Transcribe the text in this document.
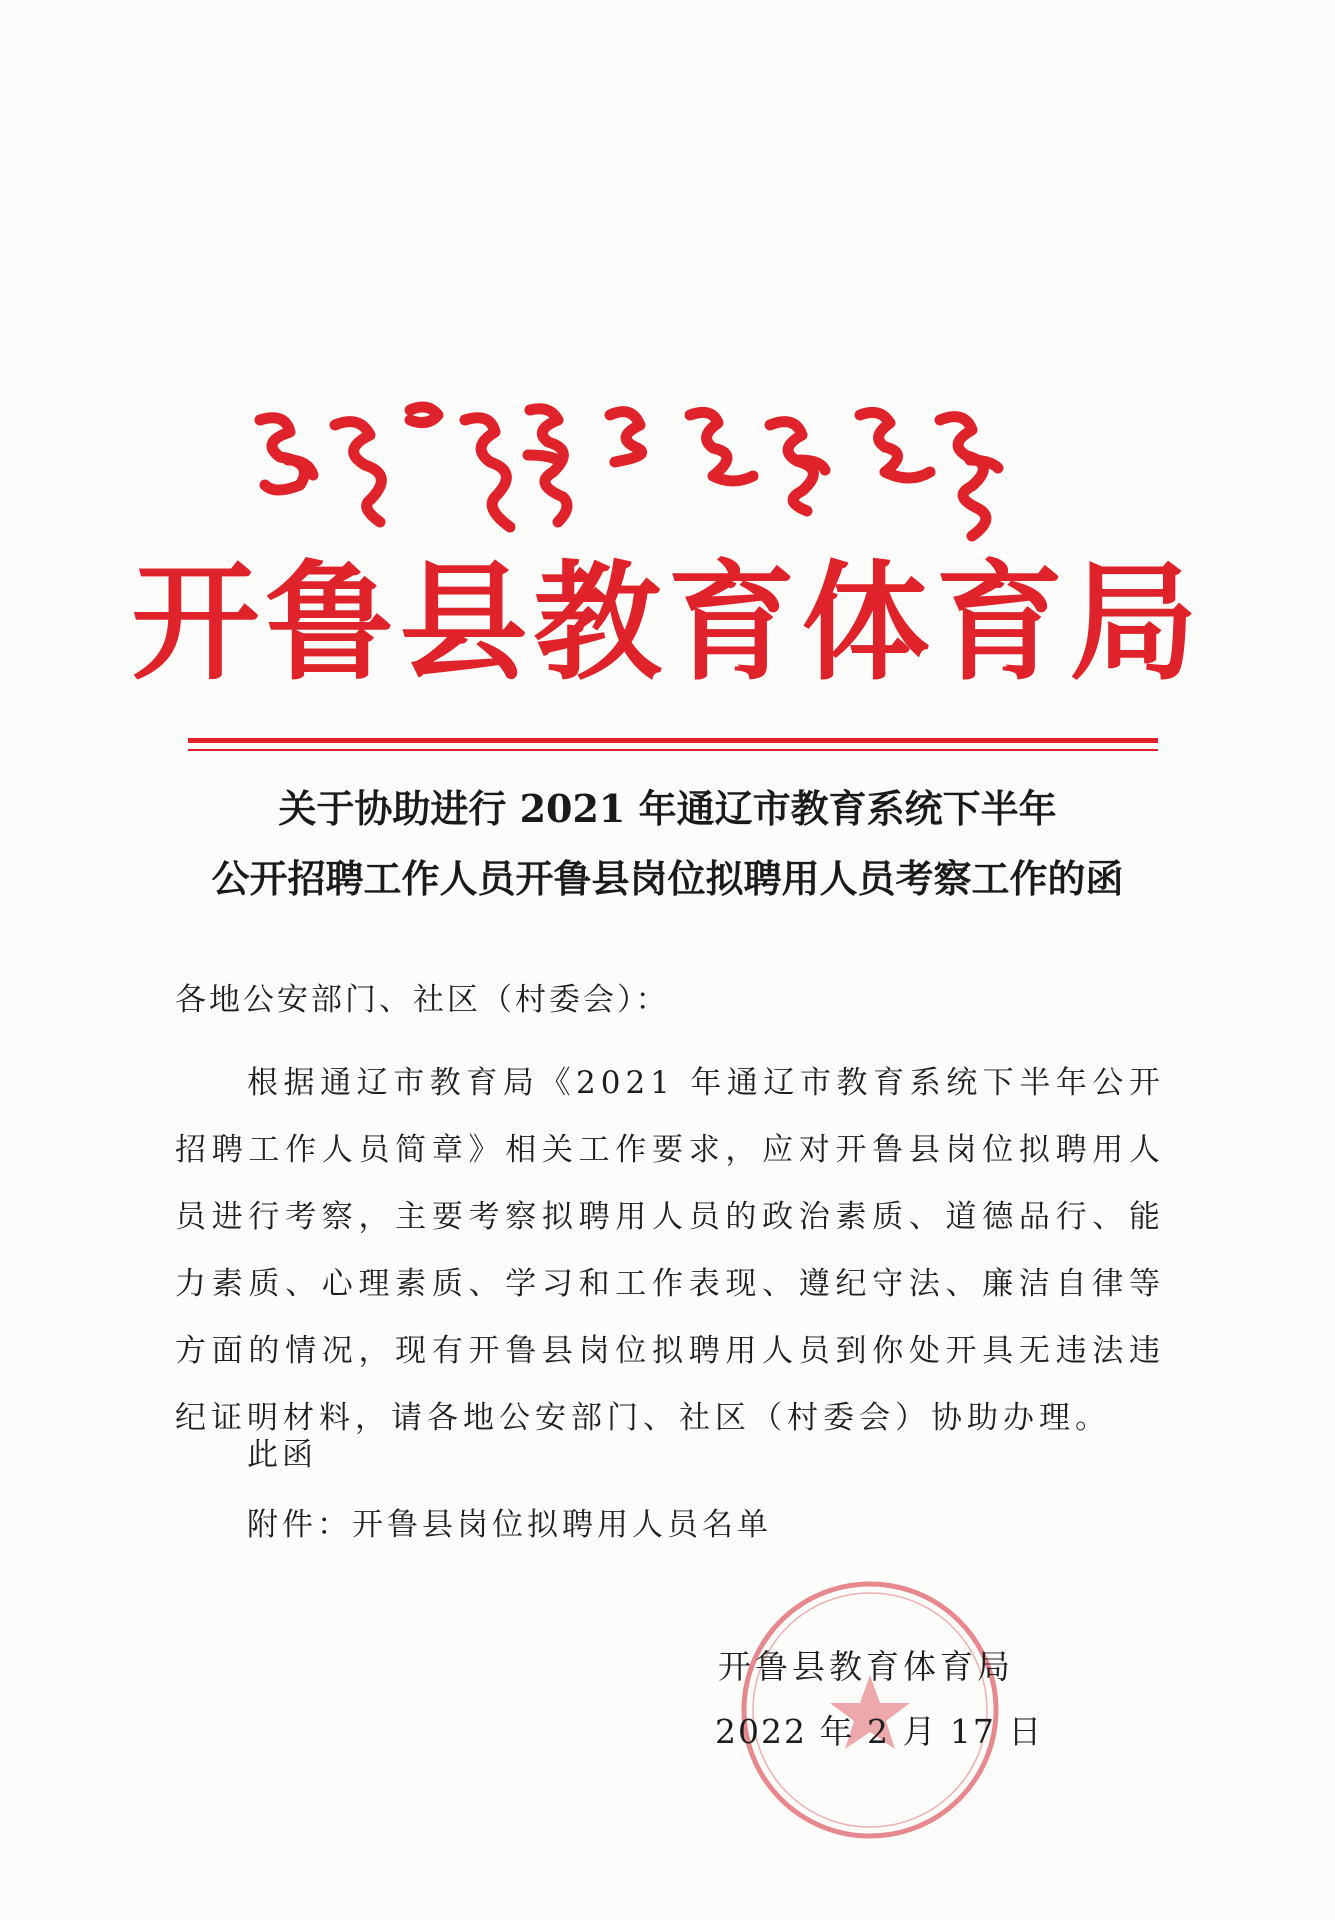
开鲁县教育体育局
关于协助进行 2021 年通辽市教育系统下半年
公开招聘工作人员开鲁县岗位拟聘用人员考察工作的函
各地公安部门、社区（村委会）：
根据通辽市教育局《2021 年通辽市教育系统下半年公开招聘工作人员简章》相关工作要求，应对开鲁县岗位拟聘用人员进行考察，主要考察拟聘用人员的政治素质、道德品行、能力素质、心理素质、学习和工作表现、遵纪守法、廉洁自律等方面的情况，现有开鲁县岗位拟聘用人员到你处开具无违法违纪证明材料，请各地公安部门、社区（村委会）协助办理。
此函
附件：开鲁县岗位拟聘用人员名单
开鲁县教育体育局
2022 年 2 月 17 日
